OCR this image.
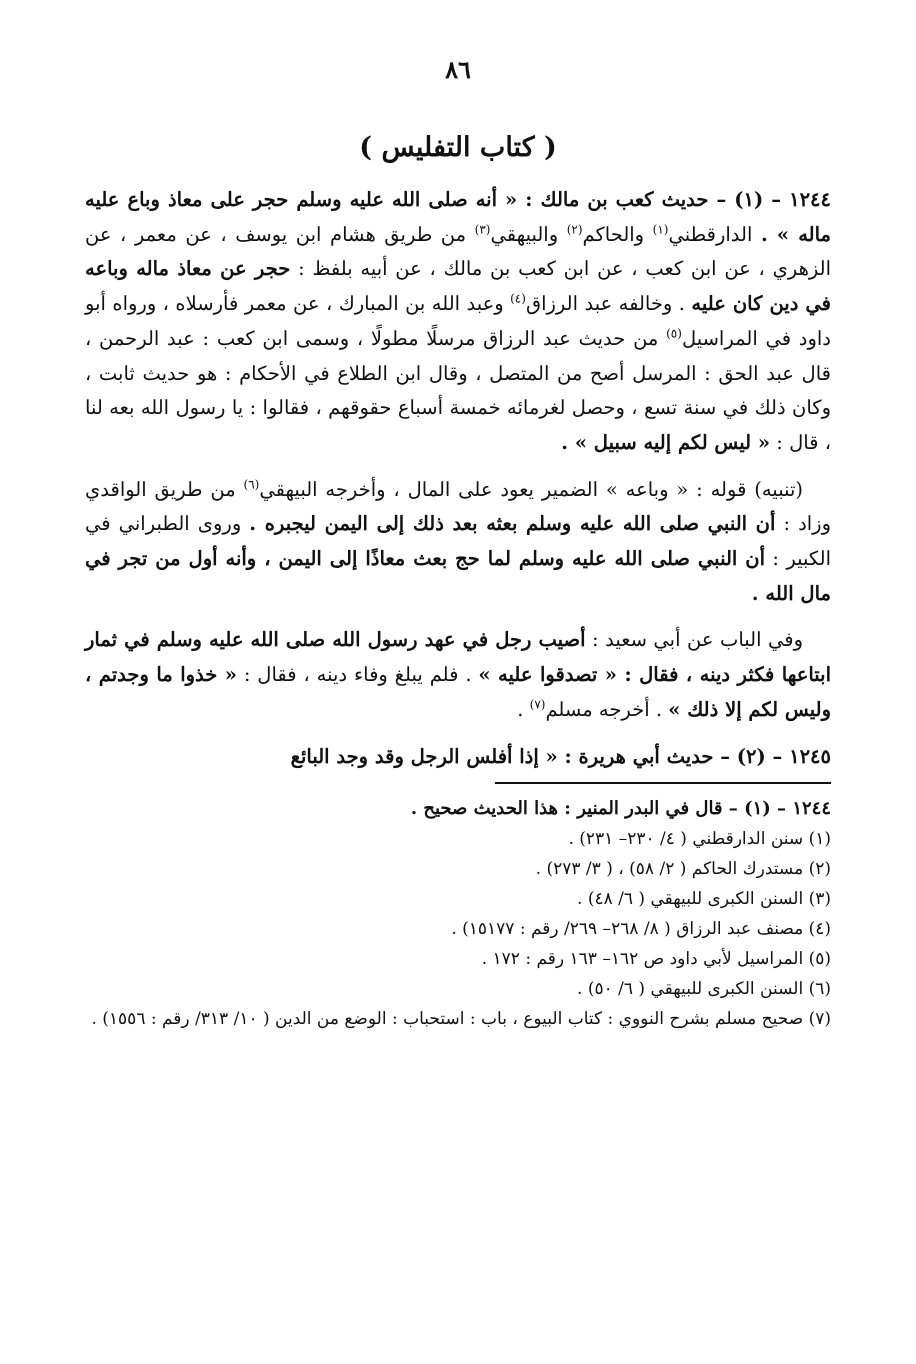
٨٦
( كتاب التفليس )

١٢٤٤ – (١) – حديث كعب بن مالك : « أنه صلى الله عليه وسلم حجر على معاذ وباع عليه ماله » . الدارقطني$^{(١)}$ والحاكم$^{(٢)}$ والبيهقي$^{(٣)}$ من طريق هشام ابن يوسف ، عن معمر ، عن الزهري ، عن ابن كعب ، عن ابن كعب بن مالك ، عن أبيه بلفظ : حجر عن معاذ ماله وباعه في دين كان عليه . وخالفه عبد الرزاق$^{(٤)}$ وعبد الله بن المبارك ، عن معمر فأرسلاه ، ورواه أبو داود في المراسيل$^{(٥)}$ من حديث عبد الرزاق مرسلًا مطولًا ، وسمى ابن كعب : عبد الرحمن ، قال عبد الحق : المرسل أصح من المتصل ، وقال ابن الطلاع في الأحكام : هو حديث ثابت ، وكان ذلك في سنة تسع ، وحصل لغرمائه خمسة أسباع حقوقهم ، فقالوا : يا رسول الله بعه لنا ، قال : « ليس لكم إليه سبيل » .

(تنبيه) قوله : « وباعه » الضمير يعود على المال ، وأخرجه البيهقي$^{(٦)}$ من طريق الواقدي وزاد : أن النبي صلى الله عليه وسلم بعثه بعد ذلك إلى اليمن ليجبره . وروى الطبراني في الكبير : أن النبي صلى الله عليه وسلم لما حج بعث معاذًا إلى اليمن ، وأنه أول من تجر في مال الله .

وفي الباب عن أبي سعيد : أصيب رجل في عهد رسول الله صلى الله عليه وسلم في ثمار ابتاعها فكثر دينه ، فقال : « تصدقوا عليه » . فلم يبلغ وفاء دينه ، فقال : « خذوا ما وجدتم ، وليس لكم إلا ذلك » . أخرجه مسلم$^{(٧)}$ .

١٢٤٥ – (٢) – حديث أبي هريرة : « إذا أفلس الرجل وقد وجد البائع

١٢٤٤ – (١) – قال في البدر المنير : هذا الحديث صحيح .

(١) سنن الدارقطني ( ٤/ ٢٣٠– ٢٣١) .

(٢) مستدرك الحاكم ( ٢/ ٥٨) ، ( ٣/ ٢٧٣) .

(٣) السنن الكبرى للبيهقي ( ٦/ ٤٨) .

(٤) مصنف عبد الرزاق ( ٨/ ٢٦٨– ٢٦٩/ رقم : ١٥١٧٧) .

(٥) المراسيل لأبي داود ص ١٦٢– ١٦٣ رقم : ١٧٢ .

(٦) السنن الكبرى للبيهقي ( ٦/ ٥٠) .

(٧) صحيح مسلم بشرح النووي : كتاب البيوع ، باب : استحباب : الوضع من الدين ( ١٠/ ٣١٣/ رقم : ١٥٥٦) .
